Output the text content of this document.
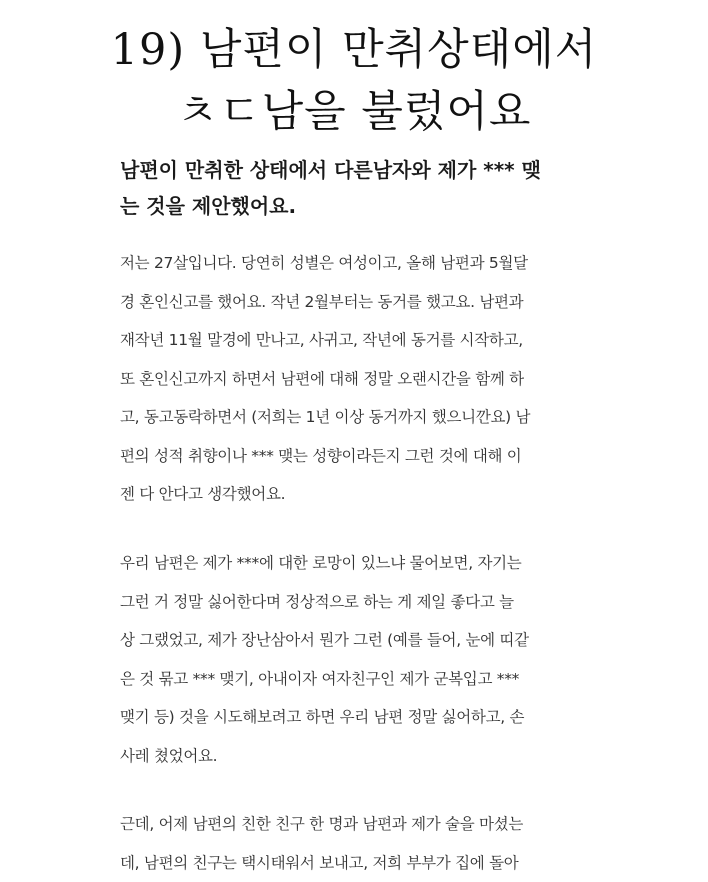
19) 남편이 만취상태에서
ㅊㄷ남을 불렀어요
남편이 만취한 상태에서 다른남자와 제가 *** 맺
는 것을 제안했어요.

저는 27살입니다. 당연히 성별은 여성이고, 올해 남편과 5월달
경 혼인신고를 했어요. 작년 2월부터는 동거를 했고요. 남편과
재작년 11월 말경에 만나고, 사귀고, 작년에 동거를 시작하고,
또 혼인신고까지 하면서 남편에 대해 정말 오랜시간을 함께 하
고, 동고동락하면서 (저희는 1년 이상 동거까지 했으니깐요) 남
편의 성적 취향이나 *** 맺는 성향이라든지 그런 것에 대해 이
젠 다 안다고 생각했어요.

우리 남편은 제가 ***에 대한 로망이 있느냐 물어보면, 자기는
그런 거 정말 싫어한다며 정상적으로 하는 게 제일 좋다고 늘
상 그랬었고, 제가 장난삼아서 뭔가 그런 (예를 들어, 눈에 띠같
은 것 묶고 *** 맺기, 아내이자 여자친구인 제가 군복입고 ***
맺기 등) 것을 시도해보려고 하면 우리 남편 정말 싫어하고, 손
사레 쳤었어요.

근데, 어제 남편의 친한 친구 한 명과 남편과 제가 술을 마셨는
데, 남편의 친구는 택시태워서 보내고, 저희 부부가 집에 돌아
